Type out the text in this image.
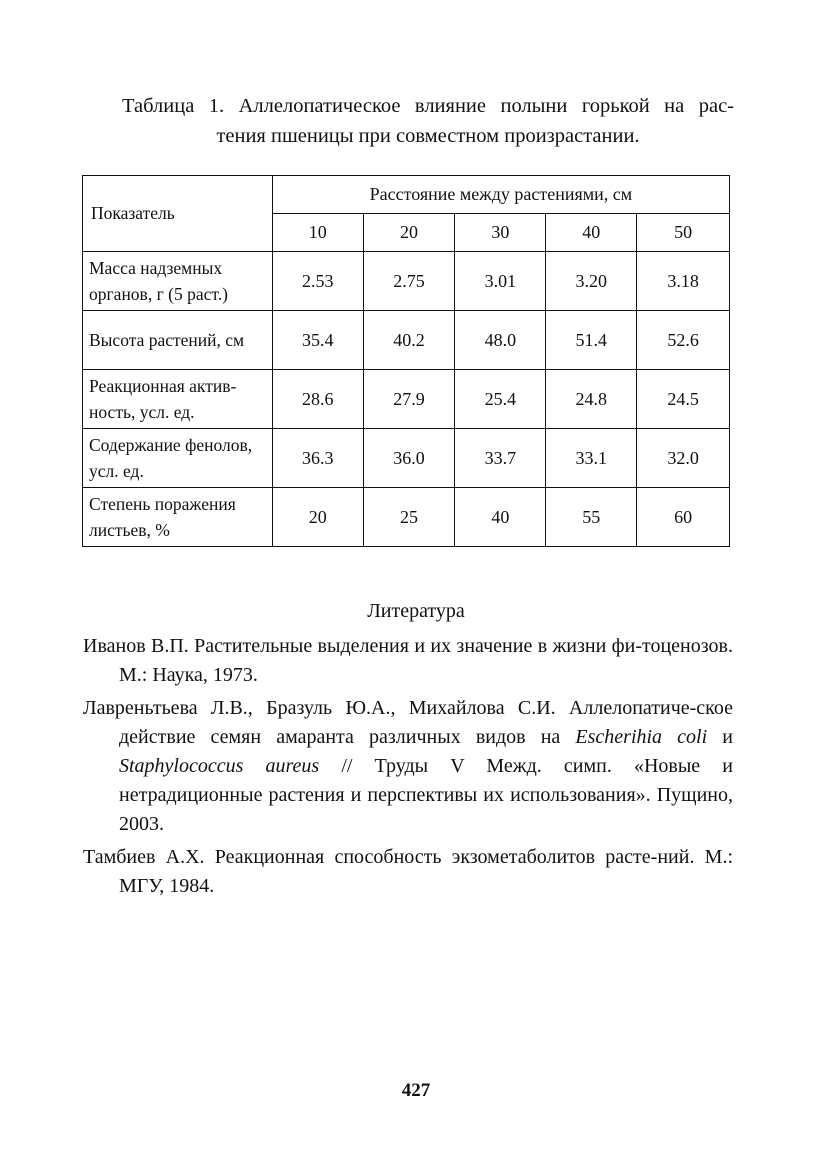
Таблица 1. Аллелопатическое влияние полыни горькой на рас-
тения пшеницы при совместном произрастании.
Показатель	Расстояние между растениями, см				
	10	20	30	40	50
Масса надземных органов, г (5 раст.)	2.53	2.75	3.01	3.20	3.18
Высота растений, см	35.4	40.2	48.0	51.4	52.6
Реакционная актив-ность, усл. ед.	28.6	27.9	25.4	24.8	24.5
Содержание фенолов, усл. ед.	36.3	36.0	33.7	33.1	32.0
Степень поражения листьев, %	20	25	40	55	60
Литература

Иванов В.П. Растительные выделения и их значение в жизни фи-тоценозов. М.: Наука, 1973.

Лавреньтьева Л.В., Бразуль Ю.А., Михайлова С.И. Аллелопатиче-ское действие семян амаранта различных видов на Escherihia coli и Staphylococcus aureus // Труды V Межд. симп. «Новые и нетрадиционные растения и перспективы их использования». Пущино, 2003.

Тамбиев А.Х. Реакционная способность экзометаболитов расте-ний. М.: МГУ, 1984.

427
